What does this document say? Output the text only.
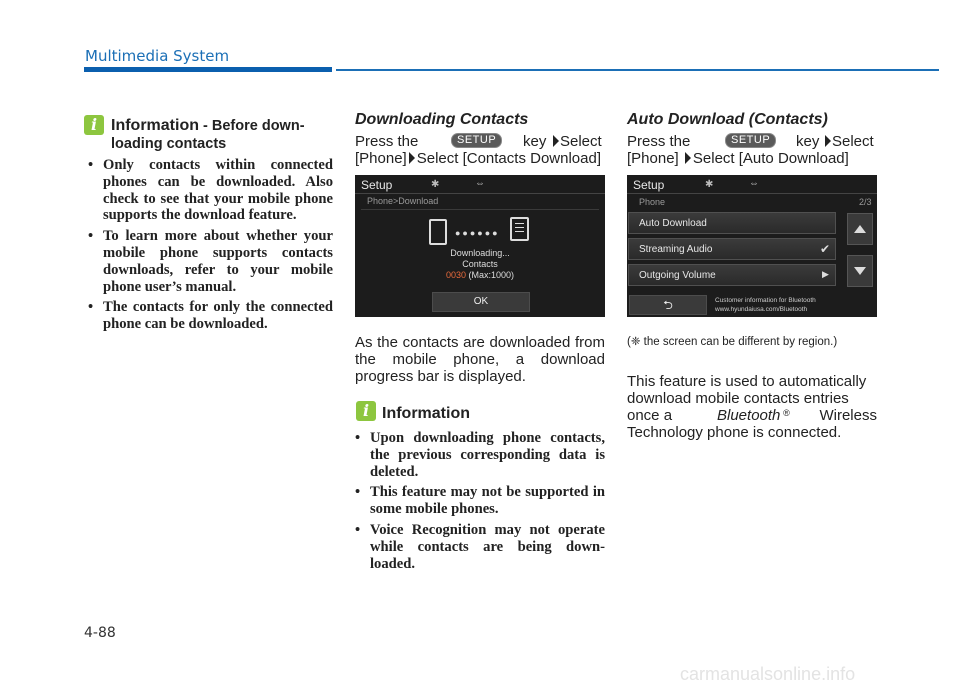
Multimedia System
i Information - Before down-
loading contacts
• Only contacts within connected phones can be downloaded. Also check to see that your mobile phone supports the download feature.
• To learn more about whether your mobile phone supports contacts downloads, refer to your mobile phone user’s manual.
• The contacts for only the connected phone can be downloaded.
Downloading Contacts
Press the	SETUP	key Select
[Phone] Select [Contacts Download]
Setup	✱	⇔
Phone>Download
●●●●●●
Downloading...
Contacts
0030 (Max:1000)
OK
As the contacts are downloaded from the mobile phone, a download progress bar is displayed.
i Information
• Upon downloading phone contacts, the previous corresponding data is deleted.
• This feature may not be supported in some mobile phones.
• Voice Recognition may not operate while contacts are being down-loaded.
Auto Download (Contacts)
Press the	SETUP	key Select
[Phone] Select [Auto Download]
Setup	✱	⇔
Phone	2/3
Auto Download
Streaming Audio	✔
Outgoing Volume	▶
⮌	Customer information for Bluetooth
www.hyundaiusa.com/Bluetooth
(❈ the screen can be different by region.)
This feature is used to automatically
download mobile contacts entries
once a	Bluetooth ® Wireless
Technology phone is connected.
4-88
carmanualsonline.info
